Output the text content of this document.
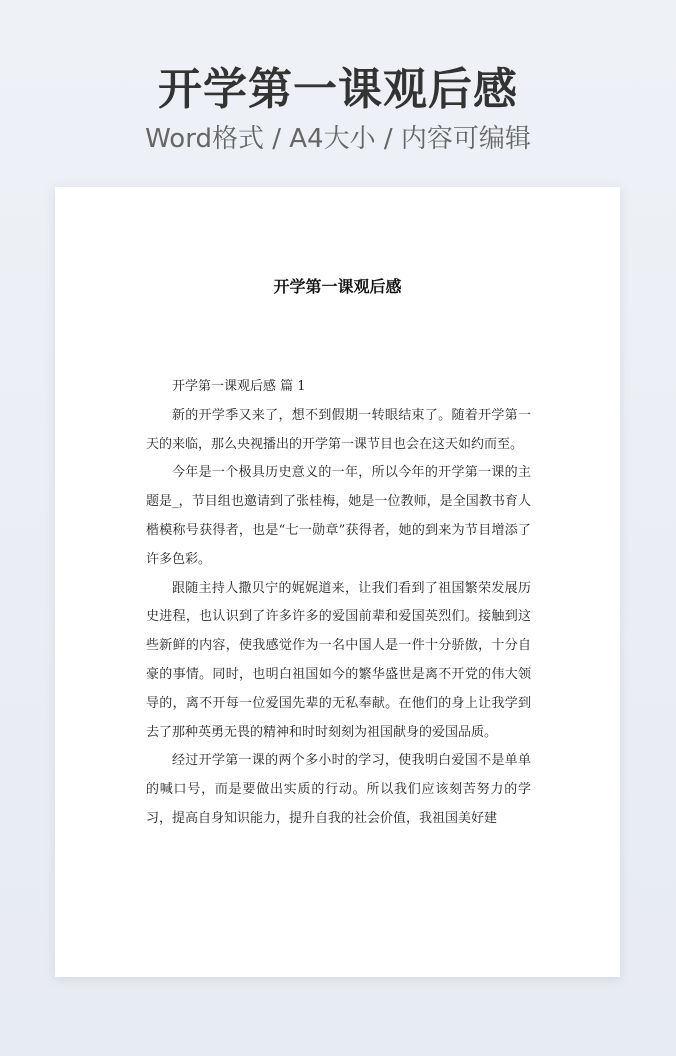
开学第一课观后感
Word格式 / A4大小 / 内容可编辑
开学第一课观后感

开学第一课观后感 篇 1

新的开学季又来了，想不到假期一转眼结束了。随着开学第一天的来临，那么央视播出的开学第一课节目也会在这天如约而至。

今年是一个极具历史意义的一年，所以今年的开学第一课的主题是_，节目组也邀请到了张桂梅，她是一位教师，是全国教书育人楷模称号获得者，也是“七一勋章”获得者，她的到来为节目增添了许多色彩。

跟随主持人撒贝宁的娓娓道来，让我们看到了祖国繁荣发展历史进程，也认识到了许多许多的爱国前辈和爱国英烈们。接触到这些新鲜的内容，使我感觉作为一名中国人是一件十分骄傲，十分自豪的事情。同时，也明白祖国如今的繁华盛世是离不开党的伟大领导的，离不开每一位爱国先辈的无私奉献。在他们的身上让我学到去了那种英勇无畏的精神和时时刻刻为祖国献身的爱国品质。

经过开学第一课的两个多小时的学习，使我明白爱国不是单单的喊口号，而是要做出实质的行动。所以我们应该刻苦努力的学习，提高自身知识能力，提升自我的社会价值，我祖国美好建
